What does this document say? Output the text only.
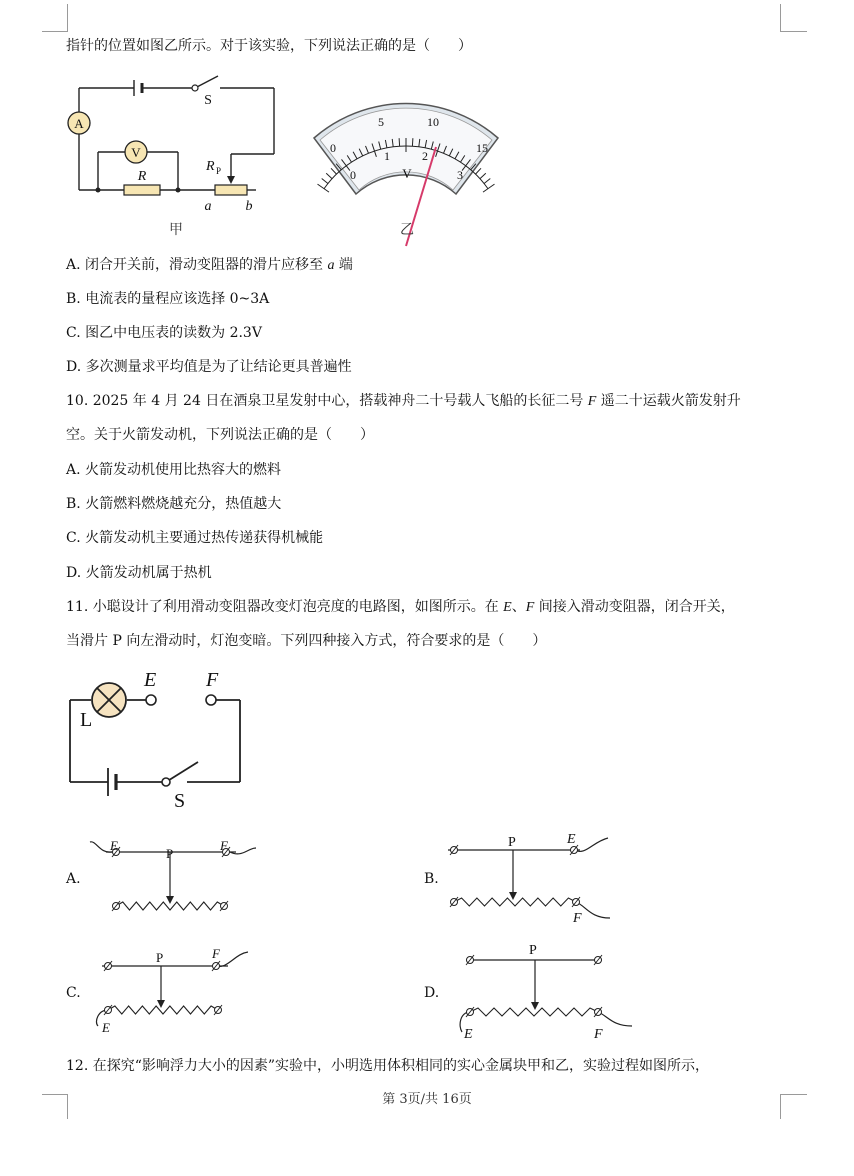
指针的位置如图乙所示。对于该实验，下列说法正确的是（　　）
A
V
R
R P
S
a b
甲
0
5	10
15
0
1	2
3
V
乙
A. 闭合开关前，滑动变阻器的滑片应移至 a 端
B. 电流表的量程应该选择 0~3A
C. 图乙中电压表的读数为 2.3V
D. 多次测量求平均值是为了让结论更具普遍性
10. 2025 年 4 月 24 日在酒泉卫星发射中心，搭载神舟二十号载人飞船的长征二号 F 遥二十运载火箭发射升
空。关于火箭发动机，下列说法正确的是（　　）
A. 火箭发动机使用比热容大的燃料
B. 火箭燃料燃烧越充分，热值越大
C. 火箭发动机主要通过热传递获得机械能
D. 火箭发动机属于热机
11. 小聪设计了利用滑动变阻器改变灯泡亮度的电路图，如图所示。在 E、F 间接入滑动变阻器，闭合开关，
当滑片 P 向左滑动时，灯泡变暗。下列四种接入方式，符合要求的是（　　）
L
E F
S
A.
E	F
P
B.
E
F
P
C.
F
E
P
D.
E	F
P
12. 在探究“影响浮力大小的因素”实验中，小明选用体积相同的实心金属块甲和乙，实验过程如图所示，
第 3页/共 16页
